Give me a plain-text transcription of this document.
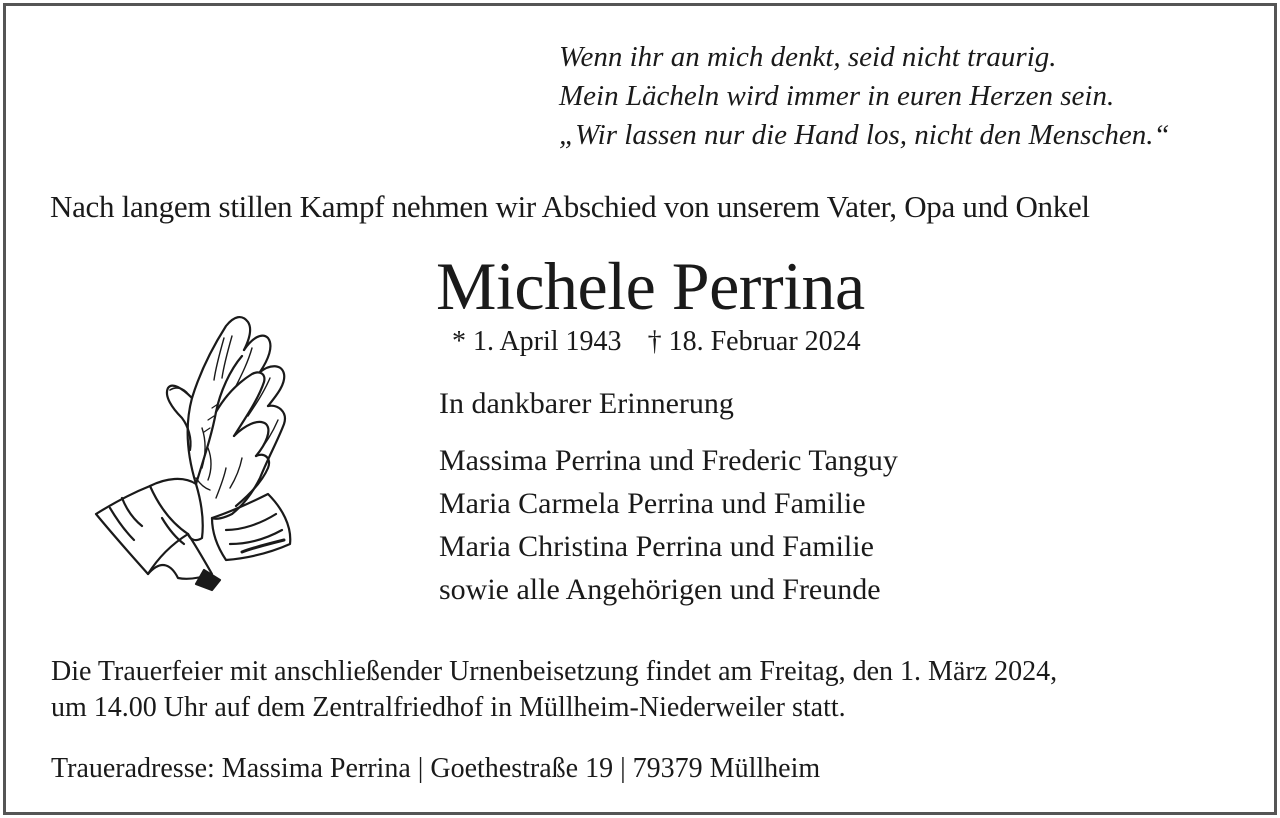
Wenn ihr an mich denkt, seid nicht traurig.
Mein Lächeln wird immer in euren Herzen sein.
„Wir lassen nur die Hand los, nicht den Menschen.“
Nach langem stillen Kampf nehmen wir Abschied von unserem Vater, Opa und Onkel
Michele Perrina
* 1. April 1943 † 18. Februar 2024
In dankbarer Erinnerung
Massima Perrina und Frederic Tanguy
Maria Carmela Perrina und Familie
Maria Christina Perrina und Familie
sowie alle Angehörigen und Freunde
Die Trauerfeier mit anschließender Urnenbeisetzung findet am Freitag, den 1. März 2024,
um 14.00 Uhr auf dem Zentralfriedhof in Müllheim-Niederweiler statt.
Traueradresse: Massima Perrina | Goethestraße 19 | 79379 Müllheim
